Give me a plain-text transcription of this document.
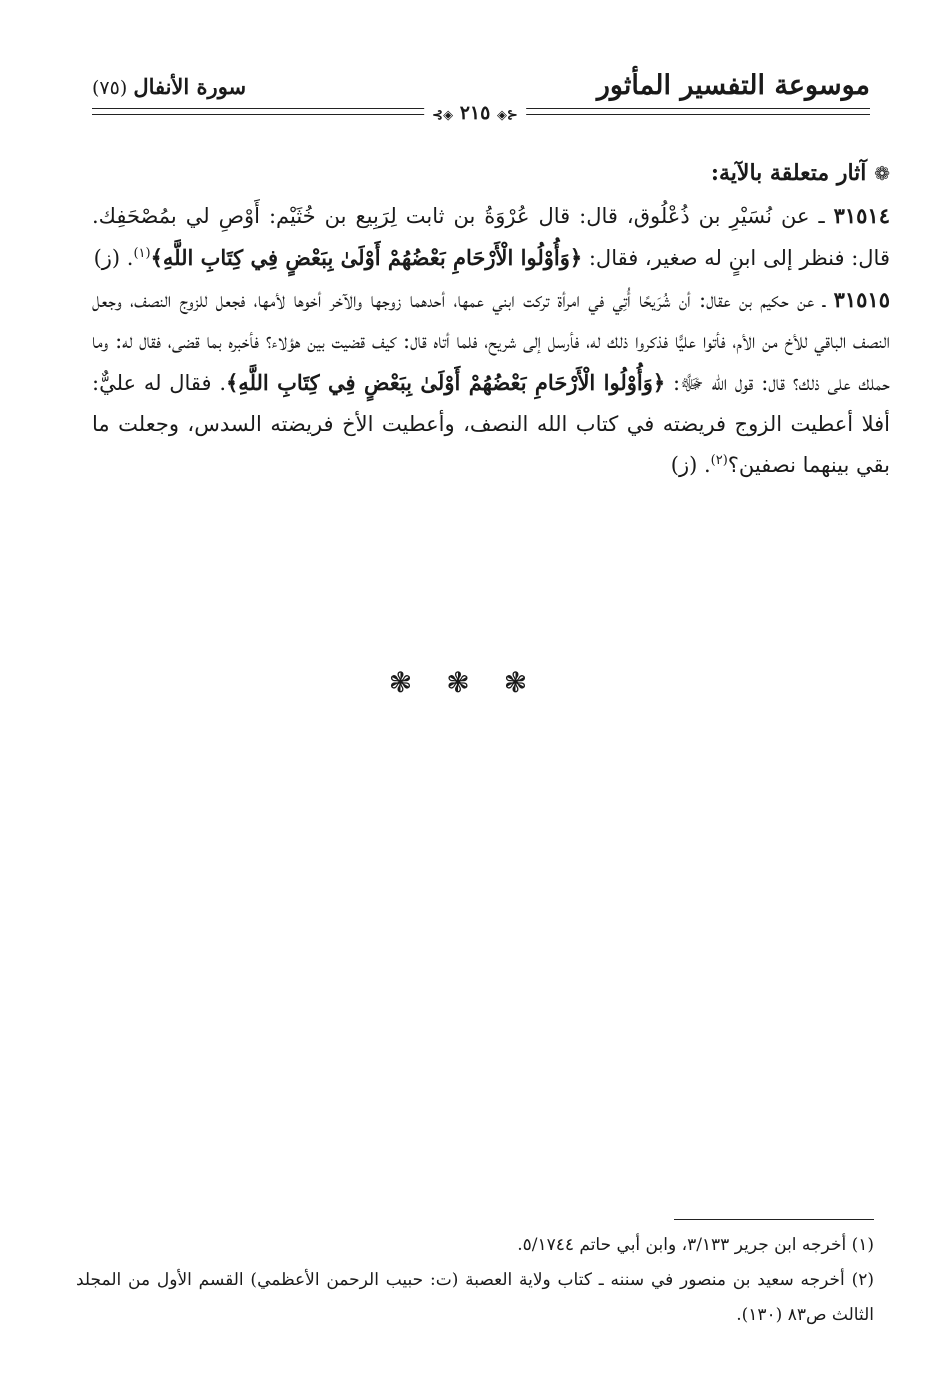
موسوعة التفسير المأثور
سورة الأنفال (٧٥)
⊰◈ ٢١٥ ◈⊱
❁ آثار متعلقة بالآية:

٣١٥١٤ ـ عن نُسَيْرِ بن ذُعْلُوق، قال: قال عُرْوَةُ بن ثابت لِرَبِيع بن خُثَيْم: أَوْصِ لي بمُصْحَفِك. قال: فنظر إلى ابنٍ له صغير، فقال: ﴿وَأُوْلُوا الْأَرْحَامِ بَعْضُهُمْ أَوْلَىٰ بِبَعْضٍ فِي كِتَابِ اللَّهِ﴾$^{(١)}$. (ز)

٣١٥١٥ ـ عن حكيم بن عقال: أن شُرَيحًا أُتِي في امرأة تركت ابني عمها، أحدهما زوجها والآخر أخوها لأمها، فجعل للزوج النصف، وجعل النصف الباقي للأخ من الأم، فأتوا عليًّا فذكروا ذلك له، فأرسل إلى شريح، فلما أتاه قال: كيف قضيت بين هؤلاء؟ فأخبره بما قضى، فقال له: وما حملك على ذلك؟ قال: قول الله ﷻ: ﴿وَأُوْلُوا الْأَرْحَامِ بَعْضُهُمْ أَوْلَىٰ بِبَعْضٍ فِي كِتَابِ اللَّهِ﴾. فقال له عليٌّ: أفلا أعطيت الزوج فريضته في كتاب الله النصف، وأعطيت الأخ فريضته السدس، وجعلت ما بقي بينهما نصفين؟$^{(٢)}$. (ز)

❃❃❃
(١) أخرجه ابن جرير ٣/١٣٣، وابن أبي حاتم ٥/١٧٤٤.
(٢) أخرجه سعيد بن منصور في سننه ـ كتاب ولاية العصبة (ت: حبيب الرحمن الأعظمي) القسم الأول من المجلد الثالث ص٨٣ (١٣٠).
